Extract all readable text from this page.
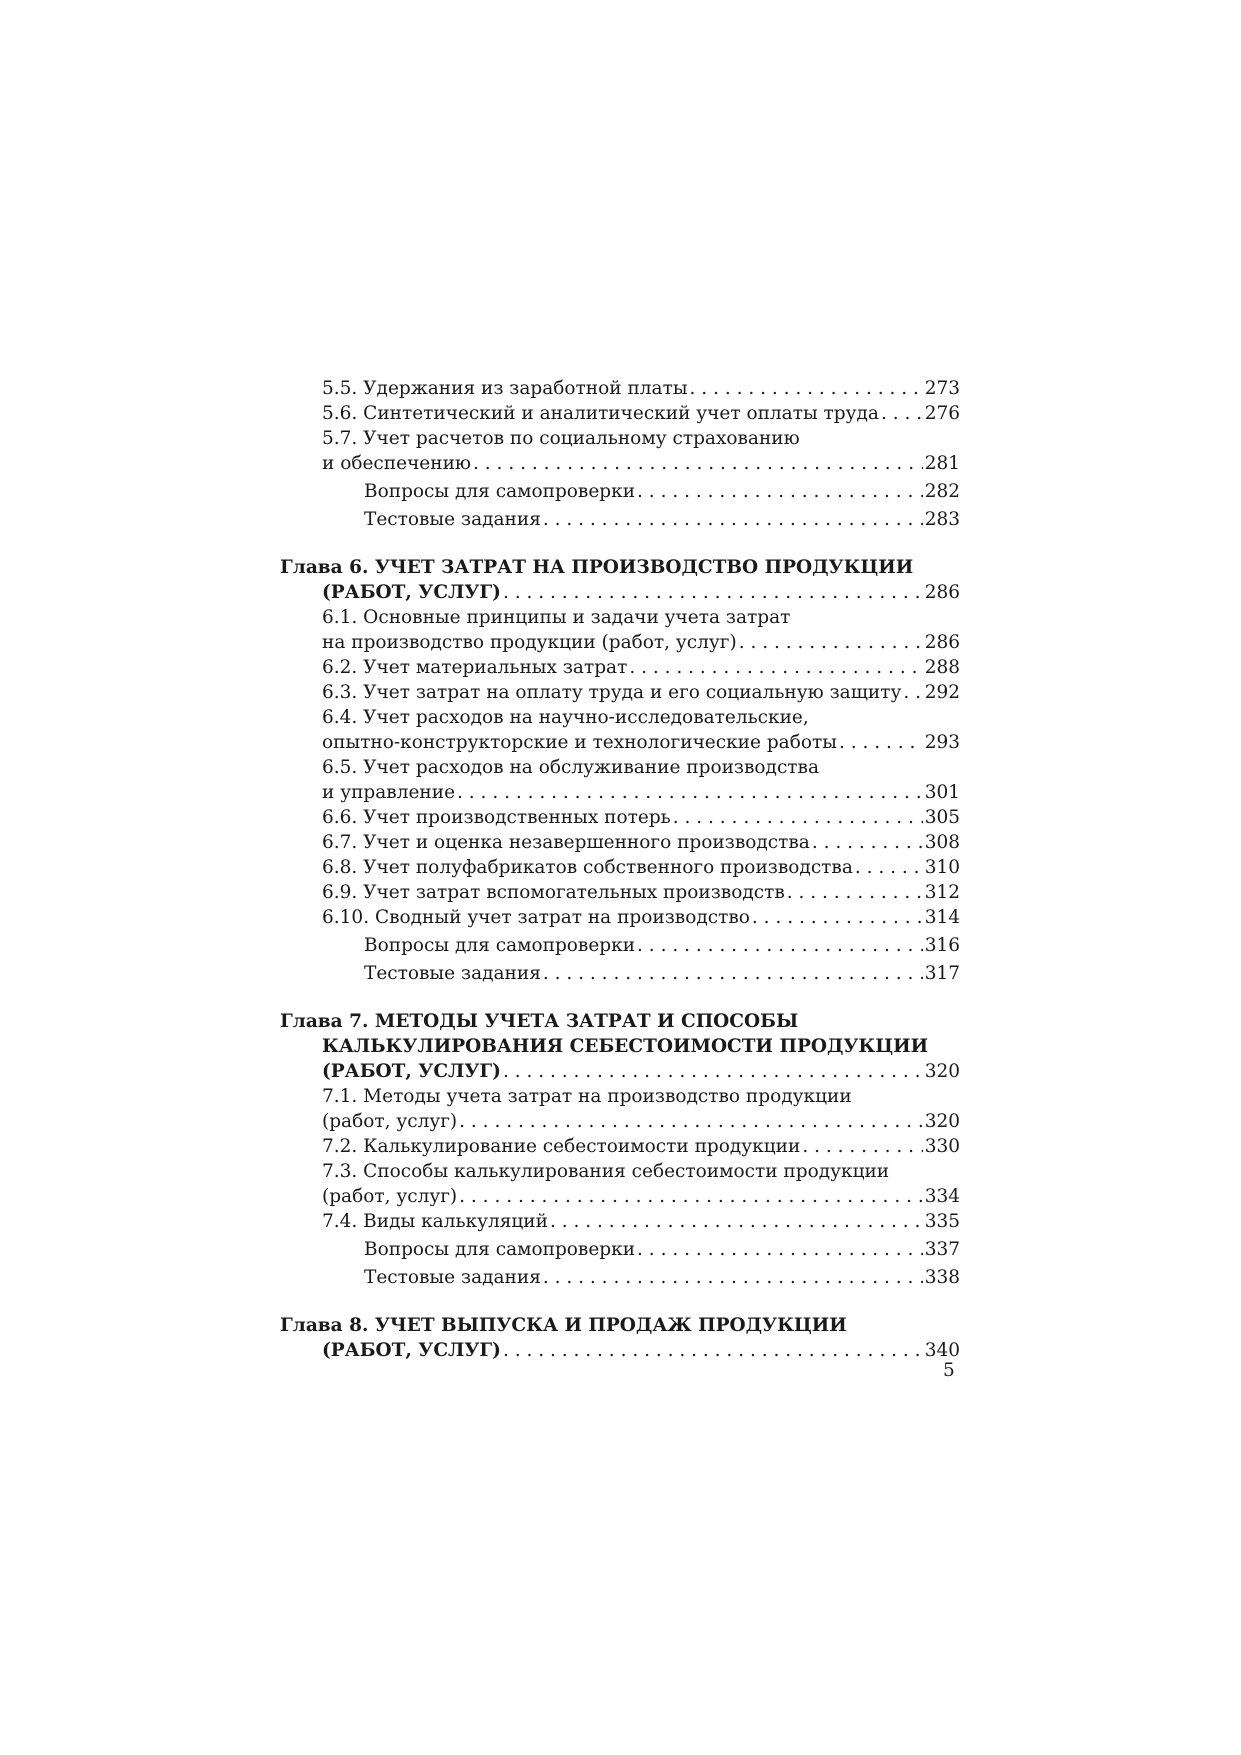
5.5. Удержания из заработной платы . . .	273
5.6. Синтетический и аналитический учет оплаты труда . . . 276
5.7. Учет расчетов по социальному страхованию
и обеспечению . . .	281
Вопросы для самопроверки . . .	282
Тестовые задания . . .	283
Глава 6. УЧЕТ ЗАТРАТ НА ПРОИЗВОДСТВО ПРОДУКЦИИ
(РАБОТ, УСЛУГ) . . .	286
6.1. Основные принципы и задачи учета затрат
на производство продукции (работ, услуг) . . .	286
6.2. Учет материальных затрат . . .	288
6.3. Учет затрат на оплату труда и его социальную защиту . . . 292
6.4. Учет расходов на научно-исследовательские,
опытно-конструкторские и технологические работы . . .	293
6.5. Учет расходов на обслуживание производства
и управление . . .	301
6.6. Учет производственных потерь . . .	305
6.7. Учет и оценка незавершенного производства . . .	308
6.8. Учет полуфабрикатов собственного производства . . .	310
6.9. Учет затрат вспомогательных производств . . .	312
6.10. Сводный учет затрат на производство . . .	314
Вопросы для самопроверки . . .	316
Тестовые задания . . .	317
Глава 7. МЕТОДЫ УЧЕТА ЗАТРАТ И СПОСОБЫ
КАЛЬКУЛИРОВАНИЯ СЕБЕСТОИМОСТИ ПРОДУКЦИИ
(РАБОТ, УСЛУГ) . . .	320
7.1. Методы учета затрат на производство продукции
(работ, услуг) . . .	320
7.2. Калькулирование себестоимости продукции . . .	330
7.3. Способы калькулирования себестоимости продукции
(работ, услуг) . . .	334
7.4. Виды калькуляций . . .	335
Вопросы для самопроверки . . .	337
Тестовые задания . . .	338
Глава 8. УЧЕТ ВЫПУСКА И ПРОДАЖ ПРОДУКЦИИ
(РАБОТ, УСЛУГ) . . .	340
5
